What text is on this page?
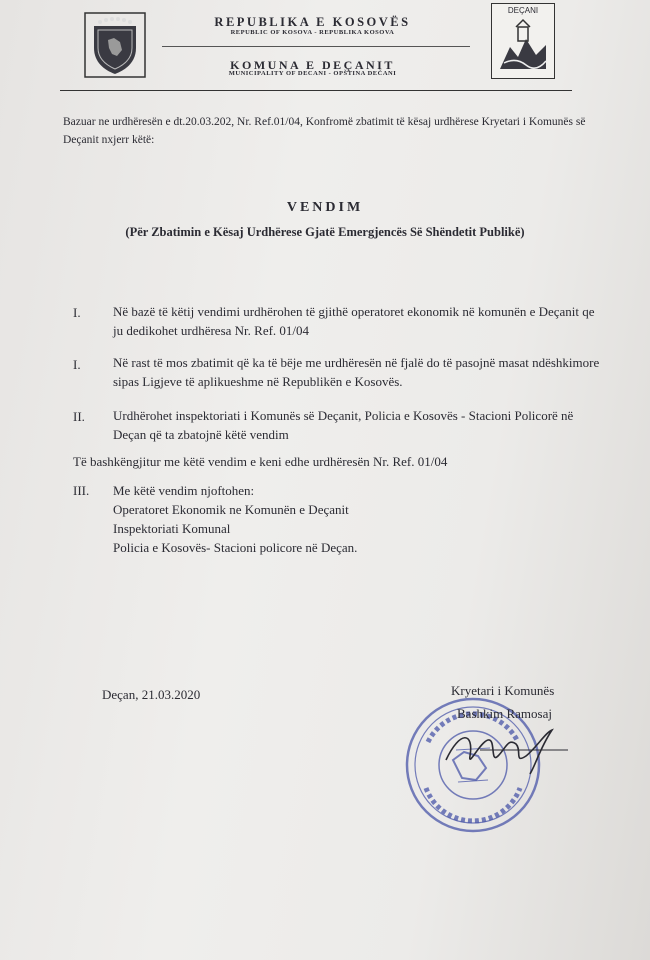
REPUBLIKA E KOSOVËS
REPUBLIC OF KOSOVA - REPUBLIKA KOSOVA
KOMUNA E DEÇANIT
MUNICIPALITY OF DECANI - OPŠTINA DEČANI
DEÇANI
Bazuar ne urdhëresën e dt.20.03.202, Nr. Ref.01/04, Konfromë zbatimit të kësaj urdhërese Kryetari i Komunës së Deçanit nxjerr këtë:
VENDIM
(Për Zbatimin e Kësaj Urdhërese Gjatë Emergjencës Së Shëndetit Publikë)
I. Në bazë të këtij vendimi urdhërohen të gjithë operatoret ekonomik në komunën e Deçanit qe ju dedikohet urdhëresa Nr. Ref. 01/04
I. Në rast të mos zbatimit që ka të bëje me urdhëresën në fjalë do të pasojnë masat ndëshkimore sipas Ligjeve të aplikueshme në Republikën e Kosovës.
II. Urdhërohet inspektoriati i Komunës së Deçanit, Policia e Kosovës - Stacioni Policorë në Deçan që ta zbatojnë këtë vendim
Të bashkëngjitur me këtë vendim e keni edhe urdhëresën Nr. Ref. 01/04
III. Me këtë vendim njoftohen:
Operatoret Ekonomik ne Komunën e Deçanit
Inspektoriati Komunal
Policia e Kosovës- Stacioni policore në Deçan.
Deçan, 21.03.2020	Kryetari i Komunës
Bashkim Ramosaj
